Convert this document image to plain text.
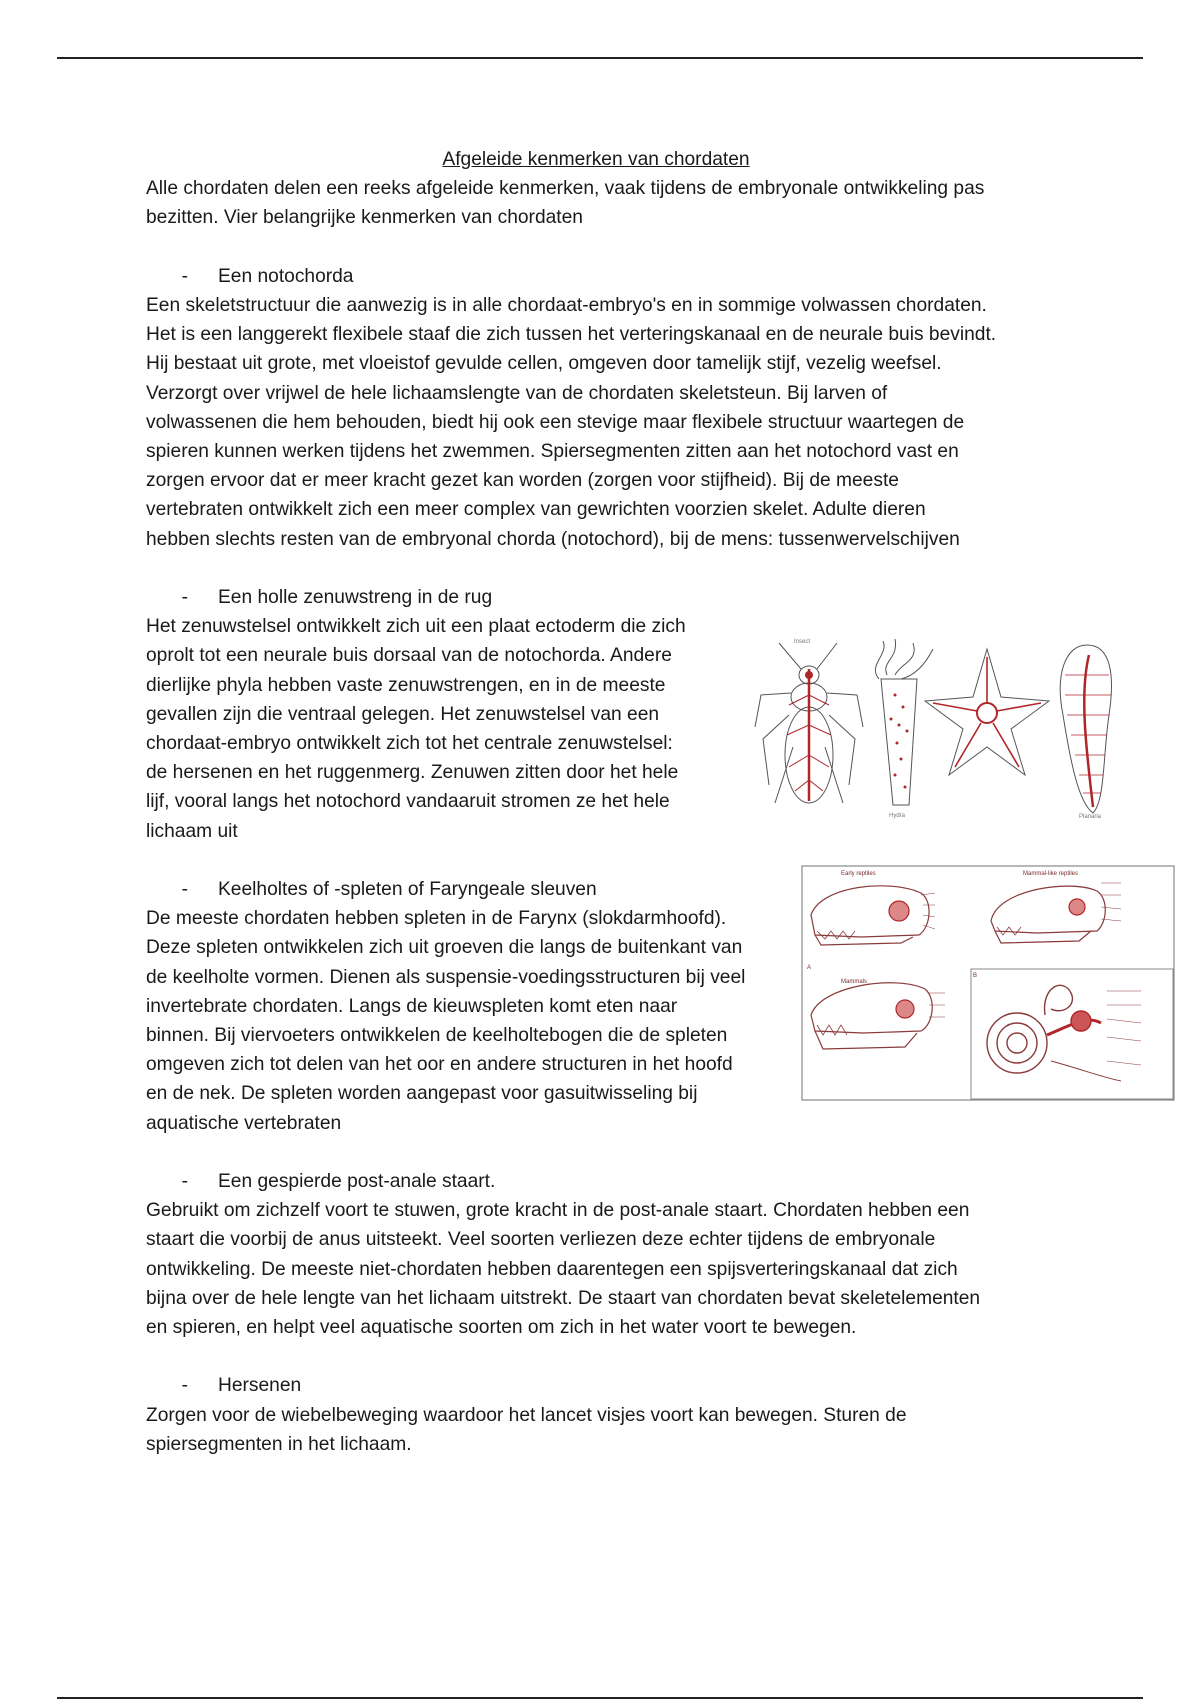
Afgeleide kenmerken van chordaten

Alle chordaten delen een reeks afgeleide kenmerken, vaak tijdens de embryonale ontwikkeling pas

bezitten. Vier belangrijke kenmerken van chordaten

-	Een notochorda

Een skeletstructuur die aanwezig is in alle chordaat-embryo's en in sommige volwassen chordaten.

Het is een langgerekt flexibele staaf die zich tussen het verteringskanaal en de neurale buis bevindt.

Hij bestaat uit grote, met vloeistof gevulde cellen, omgeven door tamelijk stijf, vezelig weefsel.

Verzorgt over vrijwel de hele lichaamslengte van de chordaten skeletsteun. Bij larven of

volwassenen die hem behouden, biedt hij ook een stevige maar flexibele structuur waartegen de

spieren kunnen werken tijdens het zwemmen. Spiersegmenten zitten aan het notochord vast en

zorgen ervoor dat er meer kracht gezet kan worden (zorgen voor stijfheid). Bij de meeste

vertebraten ontwikkelt zich een meer complex van gewrichten voorzien skelet. Adulte dieren

hebben slechts resten van de embryonal chorda (notochord), bij de mens: tussenwervelschijven

-	Een holle zenuwstreng in de rug

Het zenuwstelsel ontwikkelt zich uit een plaat ectoderm die zich

oprolt tot een neurale buis dorsaal van de notochorda. Andere

dierlijke phyla hebben vaste zenuwstrengen, en in de meeste

gevallen zijn die ventraal gelegen. Het zenuwstelsel van een

chordaat-embryo ontwikkelt zich tot het centrale zenuwstelsel:

de hersenen en het ruggenmerg. Zenuwen zitten door het hele

lijf, vooral langs het notochord vandaaruit stromen ze het hele

lichaam uit

Insect
Hydra	Planaria

-	Keelholtes of -spleten of Faryngeale sleuven

De meeste chordaten hebben spleten in de Farynx (slokdarmhoofd).

Deze spleten ontwikkelen zich uit groeven die langs de buitenkant van

de keelholte vormen. Dienen als suspensie-voedingsstructuren bij veel

invertebrate chordaten. Langs de kieuwspleten komt eten naar

binnen. Bij viervoeters ontwikkelen de keelholtebogen die de spleten

omgeven zich tot delen van het oor en andere structuren in het hoofd

en de nek. De spleten worden aangepast voor gasuitwisseling bij

aquatische vertebraten

Early reptiles	Mammal-like reptiles
A
B
Mammals

-	Een gespierde post-anale staart.

Gebruikt om zichzelf voort te stuwen, grote kracht in de post-anale staart. Chordaten hebben een

staart die voorbij de anus uitsteekt. Veel soorten verliezen deze echter tijdens de embryonale

ontwikkeling. De meeste niet-chordaten hebben daarentegen een spijsverteringskanaal dat zich

bijna over de hele lengte van het lichaam uitstrekt. De staart van chordaten bevat skeletelementen

en spieren, en helpt veel aquatische soorten om zich in het water voort te bewegen.

-	Hersenen

Zorgen voor de wiebelbeweging waardoor het lancet visjes voort kan bewegen. Sturen de

spiersegmenten in het lichaam.
